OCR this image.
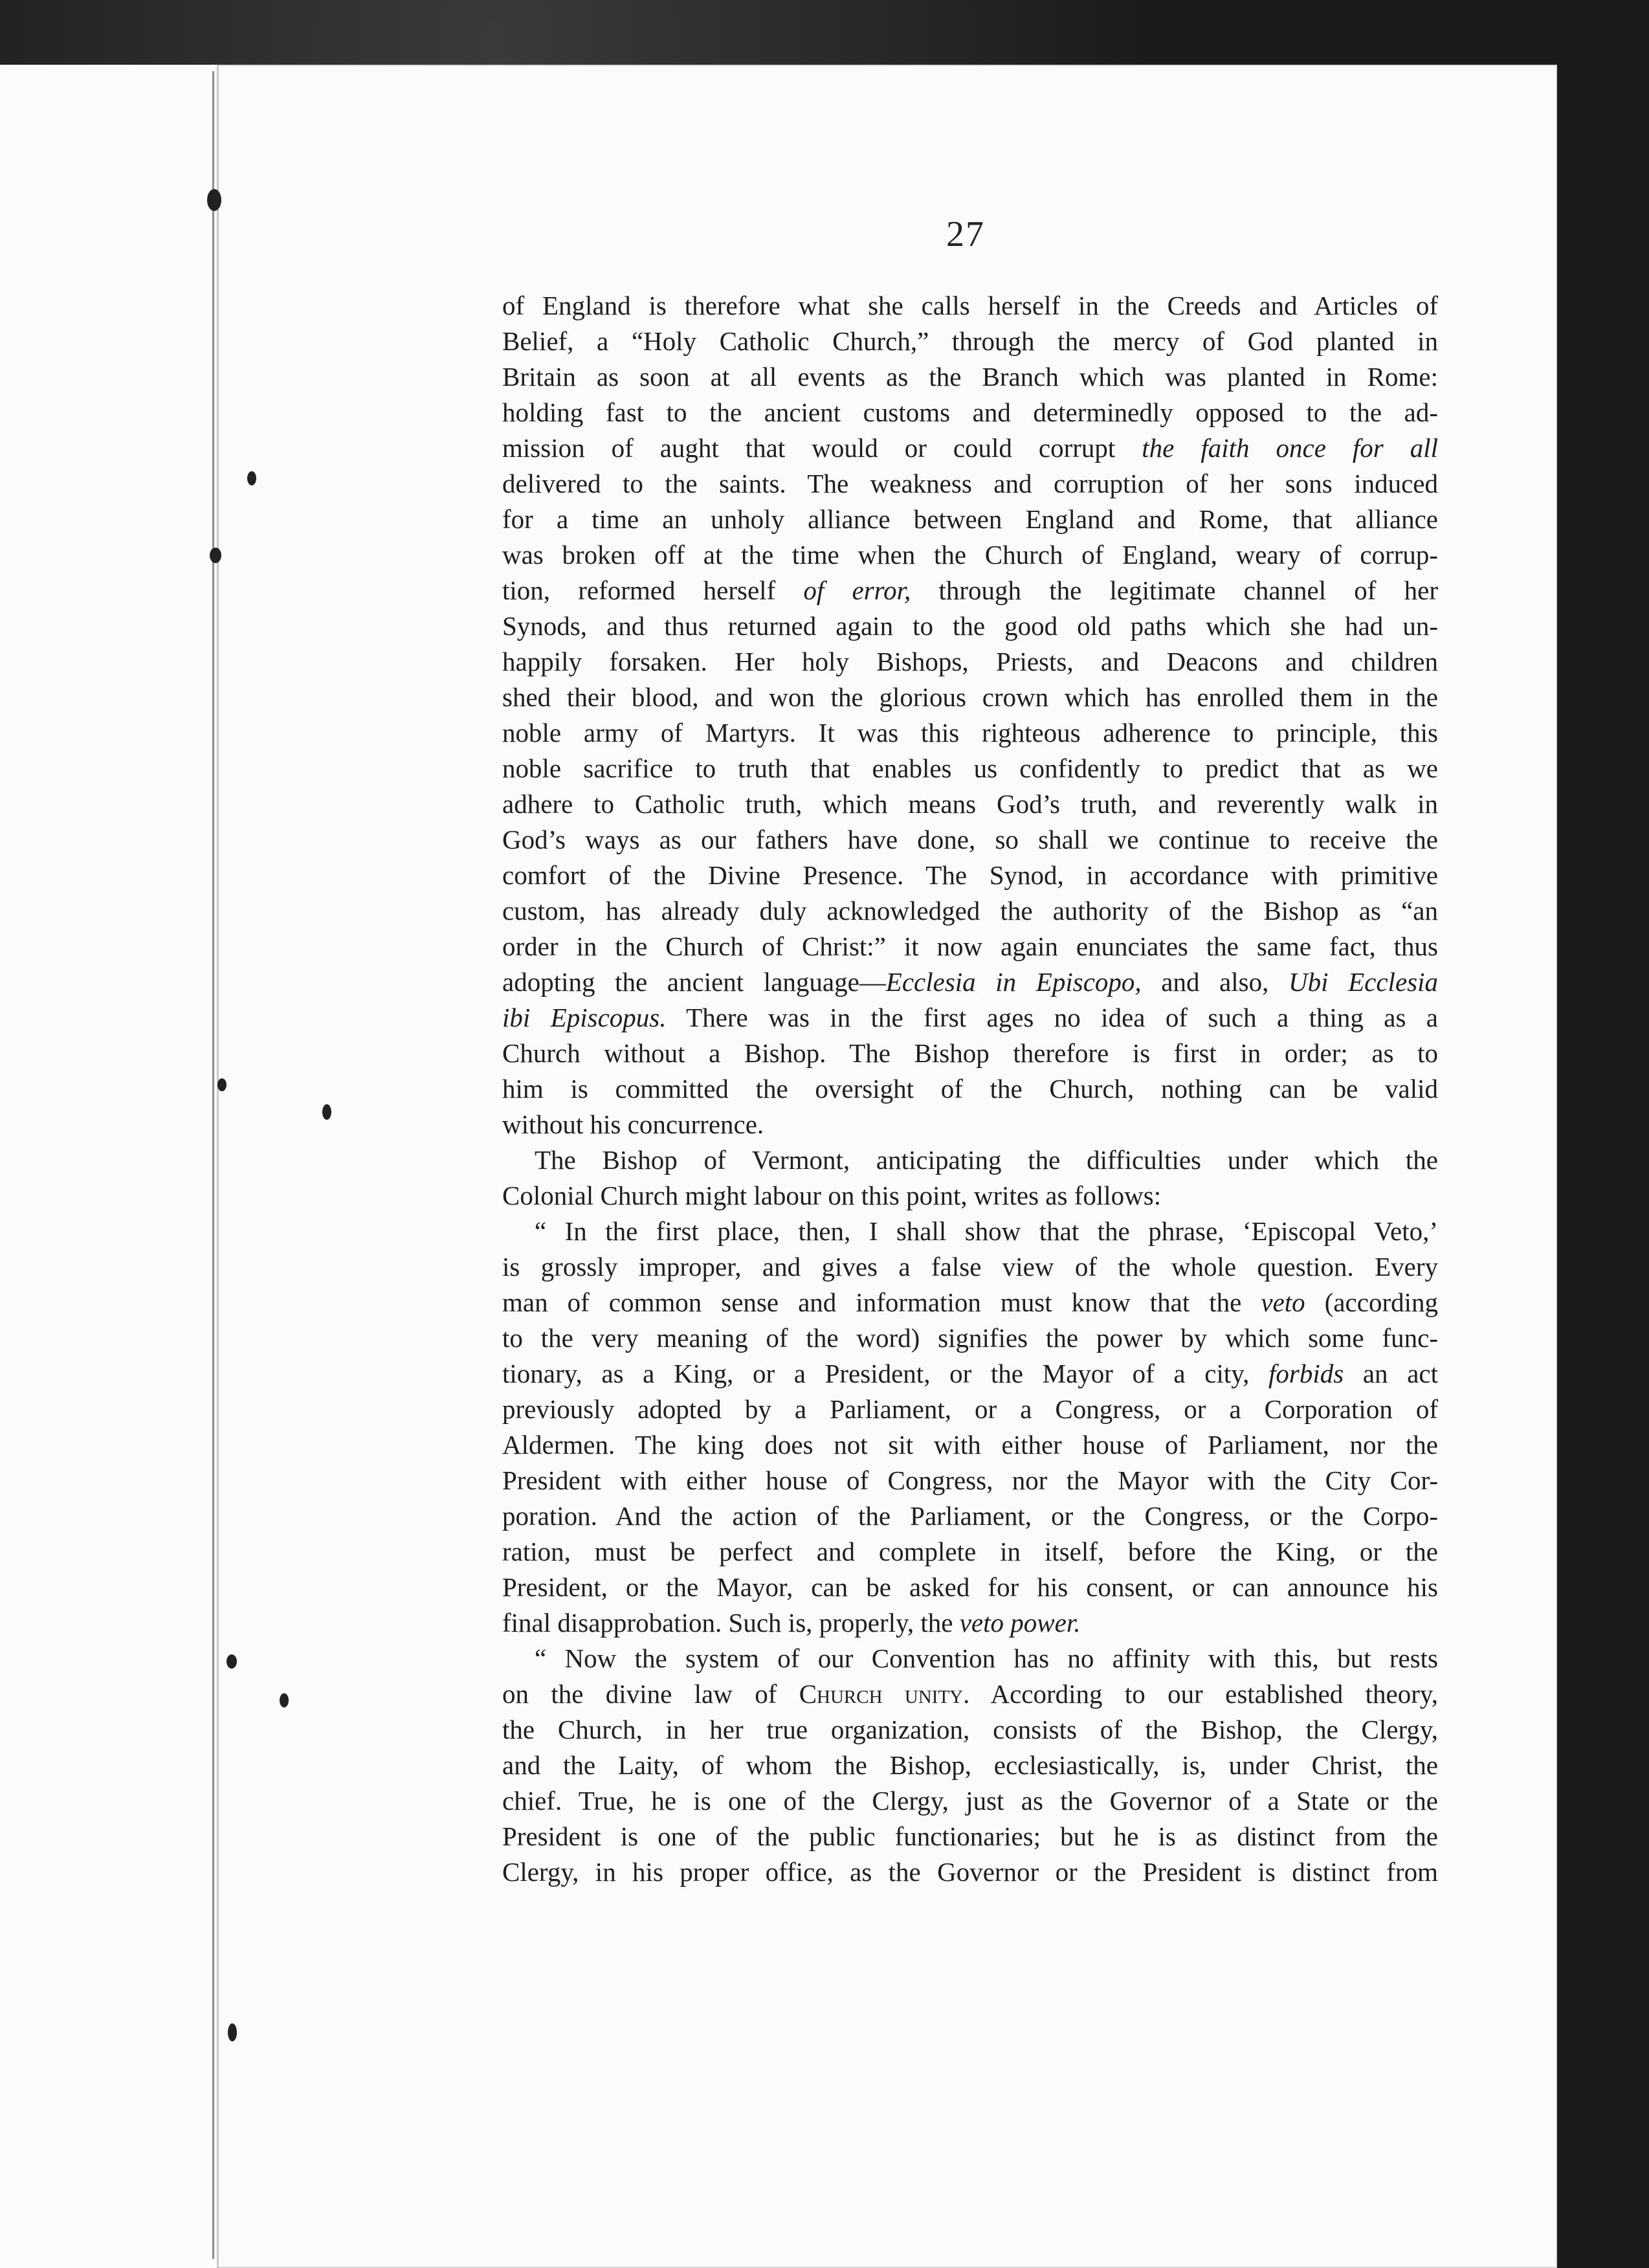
27
of England is therefore what she calls herself in the Creeds and Articles of
Belief, a “Holy Catholic Church,” through the mercy of God planted in
Britain as soon at all events as the Branch which was planted in Rome:
holding fast to the ancient customs and determinedly opposed to the ad-
mission of aught that would or could corrupt the faith once for all
delivered to the saints. The weakness and corruption of her sons induced
for a time an unholy alliance between England and Rome, that alliance
was broken off at the time when the Church of England, weary of corrup-
tion, reformed herself of error, through the legitimate channel of her
Synods, and thus returned again to the good old paths which she had un-
happily forsaken. Her holy Bishops, Priests, and Deacons and children
shed their blood, and won the glorious crown which has enrolled them in the
noble army of Martyrs. It was this righteous adherence to principle, this
noble sacrifice to truth that enables us confidently to predict that as we
adhere to Catholic truth, which means God’s truth, and reverently walk in
God’s ways as our fathers have done, so shall we continue to receive the
comfort of the Divine Presence. The Synod, in accordance with primitive
custom, has already duly acknowledged the authority of the Bishop as “an
order in the Church of Christ:” it now again enunciates the same fact, thus
adopting the ancient language—Ecclesia in Episcopo, and also, Ubi Ecclesia
ibi Episcopus. There was in the first ages no idea of such a thing as a
Church without a Bishop. The Bishop therefore is first in order; as to
him is committed the oversight of the Church, nothing can be valid
without his concurrence.
The Bishop of Vermont, anticipating the difficulties under which the
Colonial Church might labour on this point, writes as follows:
“ In the first place, then, I shall show that the phrase, ‘Episcopal Veto,’
is grossly improper, and gives a false view of the whole question. Every
man of common sense and information must know that the veto (according
to the very meaning of the word) signifies the power by which some func-
tionary, as a King, or a President, or the Mayor of a city, forbids an act
previously adopted by a Parliament, or a Congress, or a Corporation of
Aldermen. The king does not sit with either house of Parliament, nor the
President with either house of Congress, nor the Mayor with the City Cor-
poration. And the action of the Parliament, or the Congress, or the Corpo-
ration, must be perfect and complete in itself, before the King, or the
President, or the Mayor, can be asked for his consent, or can announce his
final disapprobation. Such is, properly, the veto power.
“ Now the system of our Convention has no affinity with this, but rests
on the divine law of Church unity. According to our established theory,
the Church, in her true organization, consists of the Bishop, the Clergy,
and the Laity, of whom the Bishop, ecclesiastically, is, under Christ, the
chief. True, he is one of the Clergy, just as the Governor of a State or the
President is one of the public functionaries; but he is as distinct from the
Clergy, in his proper office, as the Governor or the President is distinct from
